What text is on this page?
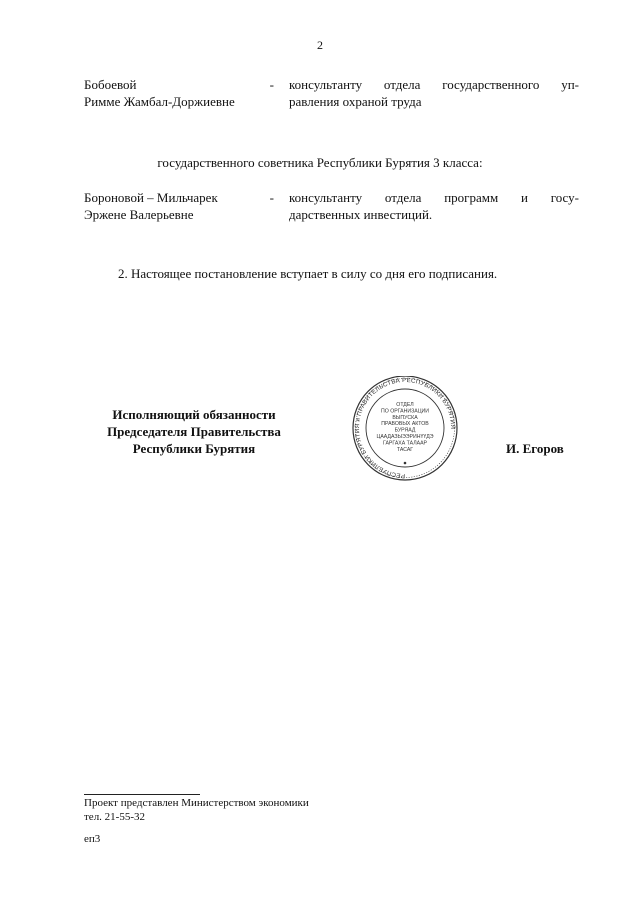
2
Бобоевой
Римме Жамбал-Доржиевне
- консультанту отдела государственного уп-
равления охраной труда
государственного советника Республики Бурятия 3 класса:
Бороновой – Мильчарек
Эржене Валерьевне
- консультанту отдела программ и госу-
дарственных инвестиций.
2. Настоящее постановление вступает в силу со дня его подписания.
Исполняющий обязанности
Председателя Правительства
Республики Бурятия
РЕСПУБЛИКИ БУРЯТИЯ и ПРАВИТЕЛЬСТВА РЕСПУБЛИКИ БУРЯТИЯ
ОТДЕЛ
ПО ОРГАНИЗАЦИИ
ВЫПУСКА
ПРАВОВЫХ АКТОВ
БУРЯАД
ЦААДАЗЫЭЭРИНҮҮДЭ
ГАРГАХА ТАЛААР
ТАСАГ	И. Егоров
Проект представлен Министерством экономики
тел. 21-55-32
еп3
